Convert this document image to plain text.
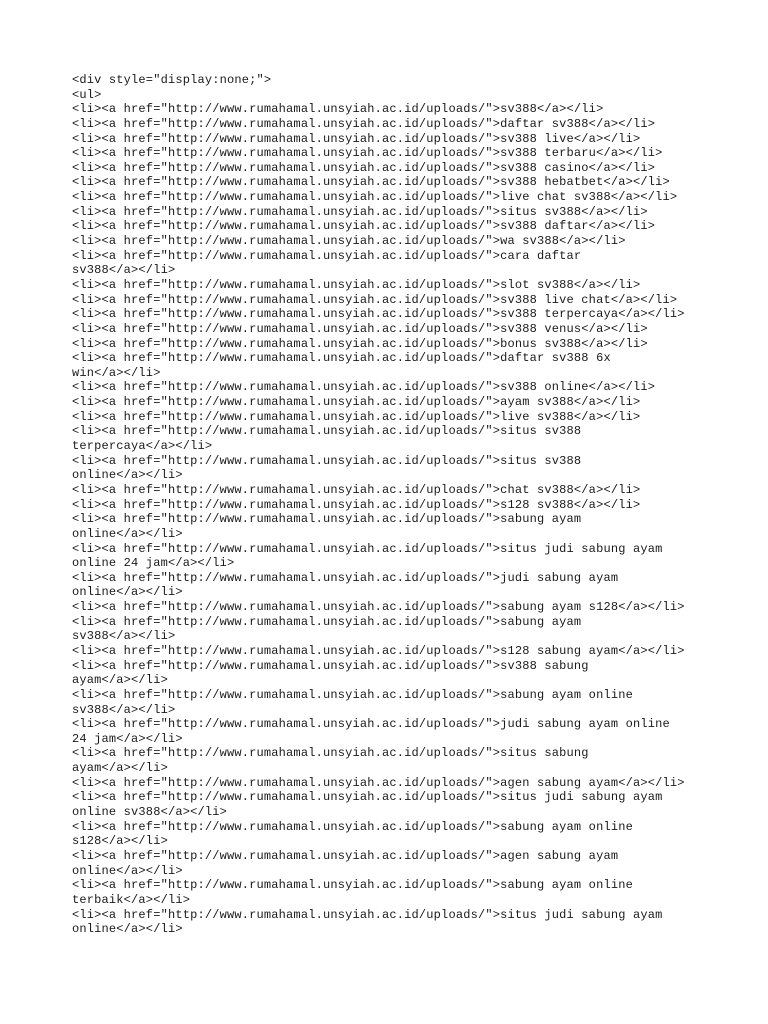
<div style="display:none;">
<ul>
<li><a href="http://www.rumahamal.unsyiah.ac.id/uploads/">sv388</a></li>
<li><a href="http://www.rumahamal.unsyiah.ac.id/uploads/">daftar sv388</a></li>
<li><a href="http://www.rumahamal.unsyiah.ac.id/uploads/">sv388 live</a></li>
<li><a href="http://www.rumahamal.unsyiah.ac.id/uploads/">sv388 terbaru</a></li>
<li><a href="http://www.rumahamal.unsyiah.ac.id/uploads/">sv388 casino</a></li>
<li><a href="http://www.rumahamal.unsyiah.ac.id/uploads/">sv388 hebatbet</a></li>
<li><a href="http://www.rumahamal.unsyiah.ac.id/uploads/">live chat sv388</a></li>
<li><a href="http://www.rumahamal.unsyiah.ac.id/uploads/">situs sv388</a></li>
<li><a href="http://www.rumahamal.unsyiah.ac.id/uploads/">sv388 daftar</a></li>
<li><a href="http://www.rumahamal.unsyiah.ac.id/uploads/">wa sv388</a></li>
<li><a href="http://www.rumahamal.unsyiah.ac.id/uploads/">cara daftar
sv388</a></li>
<li><a href="http://www.rumahamal.unsyiah.ac.id/uploads/">slot sv388</a></li>
<li><a href="http://www.rumahamal.unsyiah.ac.id/uploads/">sv388 live chat</a></li>
<li><a href="http://www.rumahamal.unsyiah.ac.id/uploads/">sv388 terpercaya</a></li>
<li><a href="http://www.rumahamal.unsyiah.ac.id/uploads/">sv388 venus</a></li>
<li><a href="http://www.rumahamal.unsyiah.ac.id/uploads/">bonus sv388</a></li>
<li><a href="http://www.rumahamal.unsyiah.ac.id/uploads/">daftar sv388 6x
win</a></li>
<li><a href="http://www.rumahamal.unsyiah.ac.id/uploads/">sv388 online</a></li>
<li><a href="http://www.rumahamal.unsyiah.ac.id/uploads/">ayam sv388</a></li>
<li><a href="http://www.rumahamal.unsyiah.ac.id/uploads/">live sv388</a></li>
<li><a href="http://www.rumahamal.unsyiah.ac.id/uploads/">situs sv388
terpercaya</a></li>
<li><a href="http://www.rumahamal.unsyiah.ac.id/uploads/">situs sv388
online</a></li>
<li><a href="http://www.rumahamal.unsyiah.ac.id/uploads/">chat sv388</a></li>
<li><a href="http://www.rumahamal.unsyiah.ac.id/uploads/">s128 sv388</a></li>
<li><a href="http://www.rumahamal.unsyiah.ac.id/uploads/">sabung ayam
online</a></li>
<li><a href="http://www.rumahamal.unsyiah.ac.id/uploads/">situs judi sabung ayam
online 24 jam</a></li>
<li><a href="http://www.rumahamal.unsyiah.ac.id/uploads/">judi sabung ayam
online</a></li>
<li><a href="http://www.rumahamal.unsyiah.ac.id/uploads/">sabung ayam s128</a></li>
<li><a href="http://www.rumahamal.unsyiah.ac.id/uploads/">sabung ayam
sv388</a></li>
<li><a href="http://www.rumahamal.unsyiah.ac.id/uploads/">s128 sabung ayam</a></li>
<li><a href="http://www.rumahamal.unsyiah.ac.id/uploads/">sv388 sabung
ayam</a></li>
<li><a href="http://www.rumahamal.unsyiah.ac.id/uploads/">sabung ayam online
sv388</a></li>
<li><a href="http://www.rumahamal.unsyiah.ac.id/uploads/">judi sabung ayam online
24 jam</a></li>
<li><a href="http://www.rumahamal.unsyiah.ac.id/uploads/">situs sabung
ayam</a></li>
<li><a href="http://www.rumahamal.unsyiah.ac.id/uploads/">agen sabung ayam</a></li>
<li><a href="http://www.rumahamal.unsyiah.ac.id/uploads/">situs judi sabung ayam
online sv388</a></li>
<li><a href="http://www.rumahamal.unsyiah.ac.id/uploads/">sabung ayam online
s128</a></li>
<li><a href="http://www.rumahamal.unsyiah.ac.id/uploads/">agen sabung ayam
online</a></li>
<li><a href="http://www.rumahamal.unsyiah.ac.id/uploads/">sabung ayam online
terbaik</a></li>
<li><a href="http://www.rumahamal.unsyiah.ac.id/uploads/">situs judi sabung ayam
online</a></li>
